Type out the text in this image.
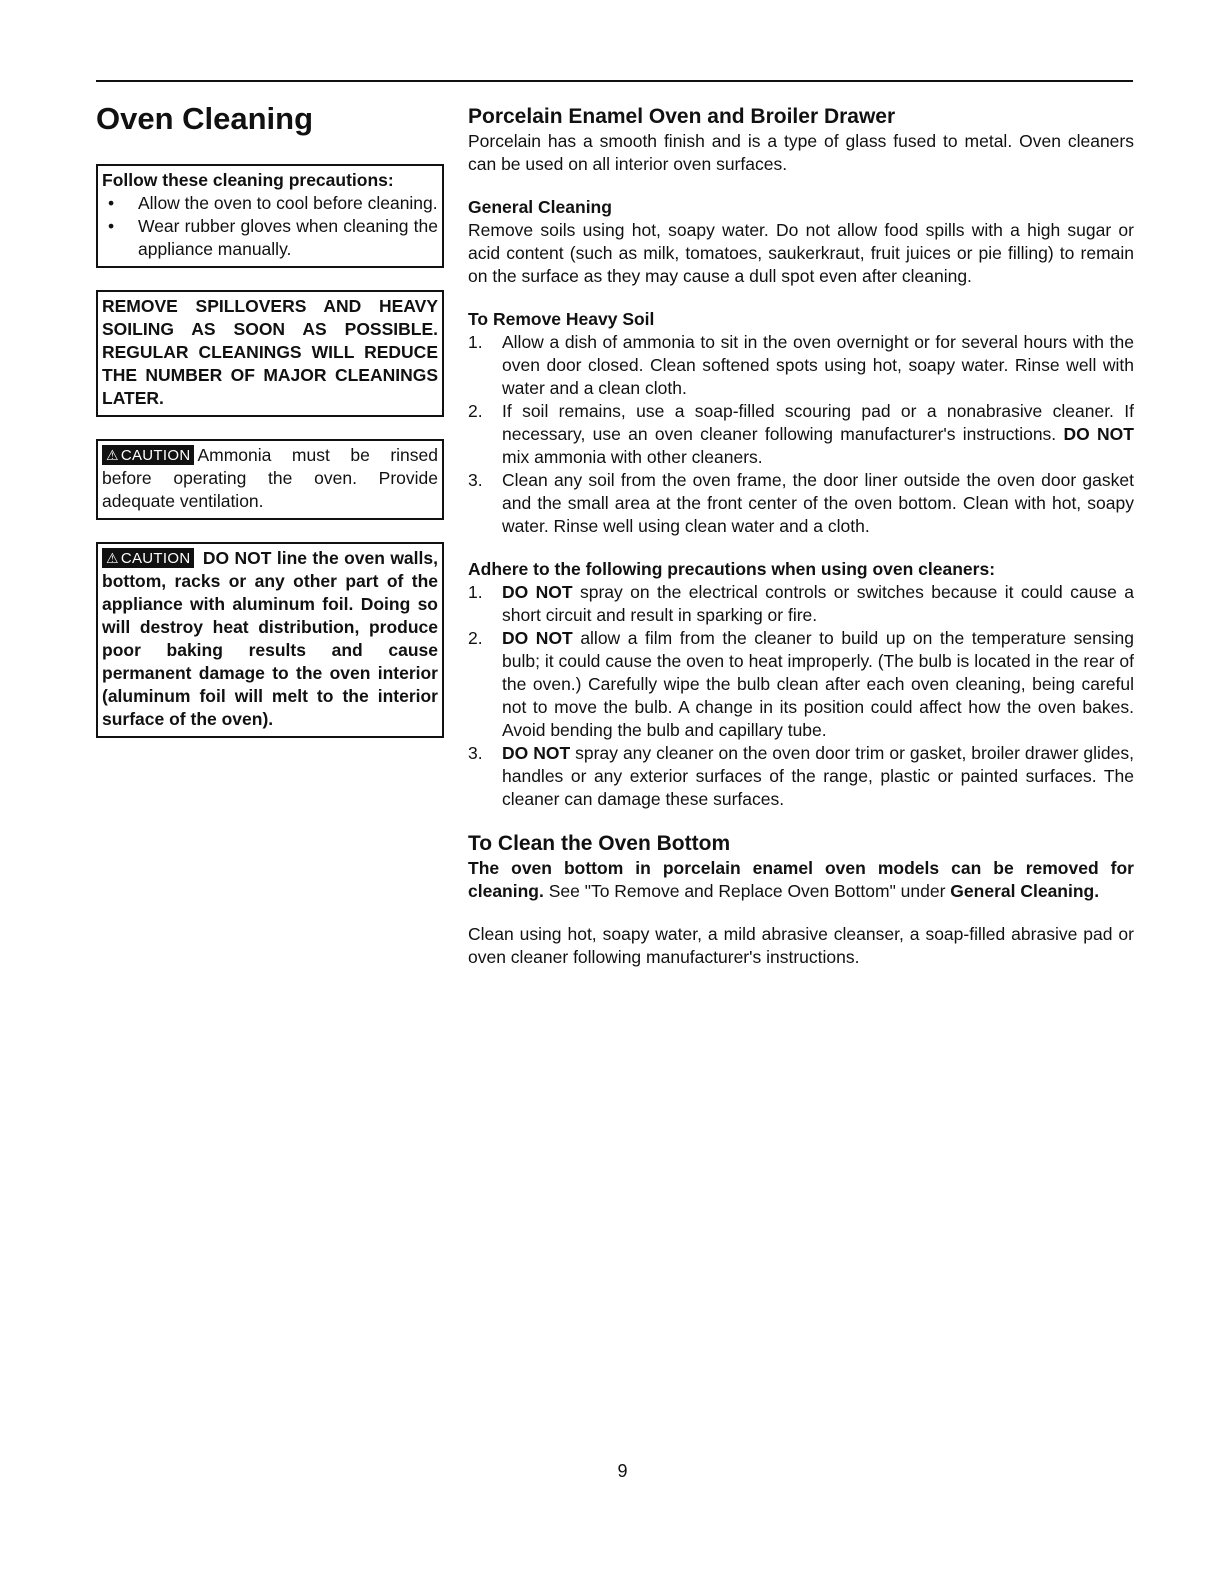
Oven Cleaning
Follow these cleaning precautions:
• Allow the oven to cool before cleaning.
• Wear rubber gloves when cleaning the appliance manually.
REMOVE SPILLOVERS AND HEAVY SOILING AS SOON AS POSSIBLE. REGULAR CLEANINGS WILL REDUCE THE NUMBER OF MAJOR CLEANINGS LATER.
⚠ CAUTION Ammonia must be rinsed before operating the oven. Provide adequate ventilation.
⚠ CAUTION DO NOT line the oven walls, bottom, racks or any other part of the appliance with aluminum foil. Doing so will destroy heat distribution, produce poor baking results and cause permanent damage to the oven interior (aluminum foil will melt to the interior surface of the oven).
Porcelain Enamel Oven and Broiler Drawer

Porcelain has a smooth finish and is a type of glass fused to metal. Oven cleaners can be used on all interior oven surfaces.

General Cleaning

Remove soils using hot, soapy water. Do not allow food spills with a high sugar or acid content (such as milk, tomatoes, saukerkraut, fruit juices or pie filling) to remain on the surface as they may cause a dull spot even after cleaning.

To Remove Heavy Soil
1. Allow a dish of ammonia to sit in the oven overnight or for several hours with the oven door closed. Clean softened spots using hot, soapy water. Rinse well with water and a clean cloth.
2. If soil remains, use a soap-filled scouring pad or a nonabrasive cleaner. If necessary, use an oven cleaner following manufacturer's instructions. DO NOT mix ammonia with other cleaners.
3. Clean any soil from the oven frame, the door liner outside the oven door gasket and the small area at the front center of the oven bottom. Clean with hot, soapy water. Rinse well using clean water and a cloth.
Adhere to the following precautions when using oven cleaners:
1. DO NOT spray on the electrical controls or switches because it could cause a short circuit and result in sparking or fire.
2. DO NOT allow a film from the cleaner to build up on the temperature sensing bulb; it could cause the oven to heat improperly. (The bulb is located in the rear of the oven.) Carefully wipe the bulb clean after each oven cleaning, being careful not to move the bulb. A change in its position could affect how the oven bakes. Avoid bending the bulb and capillary tube.
3. DO NOT spray any cleaner on the oven door trim or gasket, broiler drawer glides, handles or any exterior surfaces of the range, plastic or painted surfaces. The cleaner can damage these surfaces.
To Clean the Oven Bottom

The oven bottom in porcelain enamel oven models can be removed for cleaning. See "To Remove and Replace Oven Bottom" under General Cleaning.

Clean using hot, soapy water, a mild abrasive cleanser, a soap-filled abrasive pad or oven cleaner following manufacturer's instructions.

9
